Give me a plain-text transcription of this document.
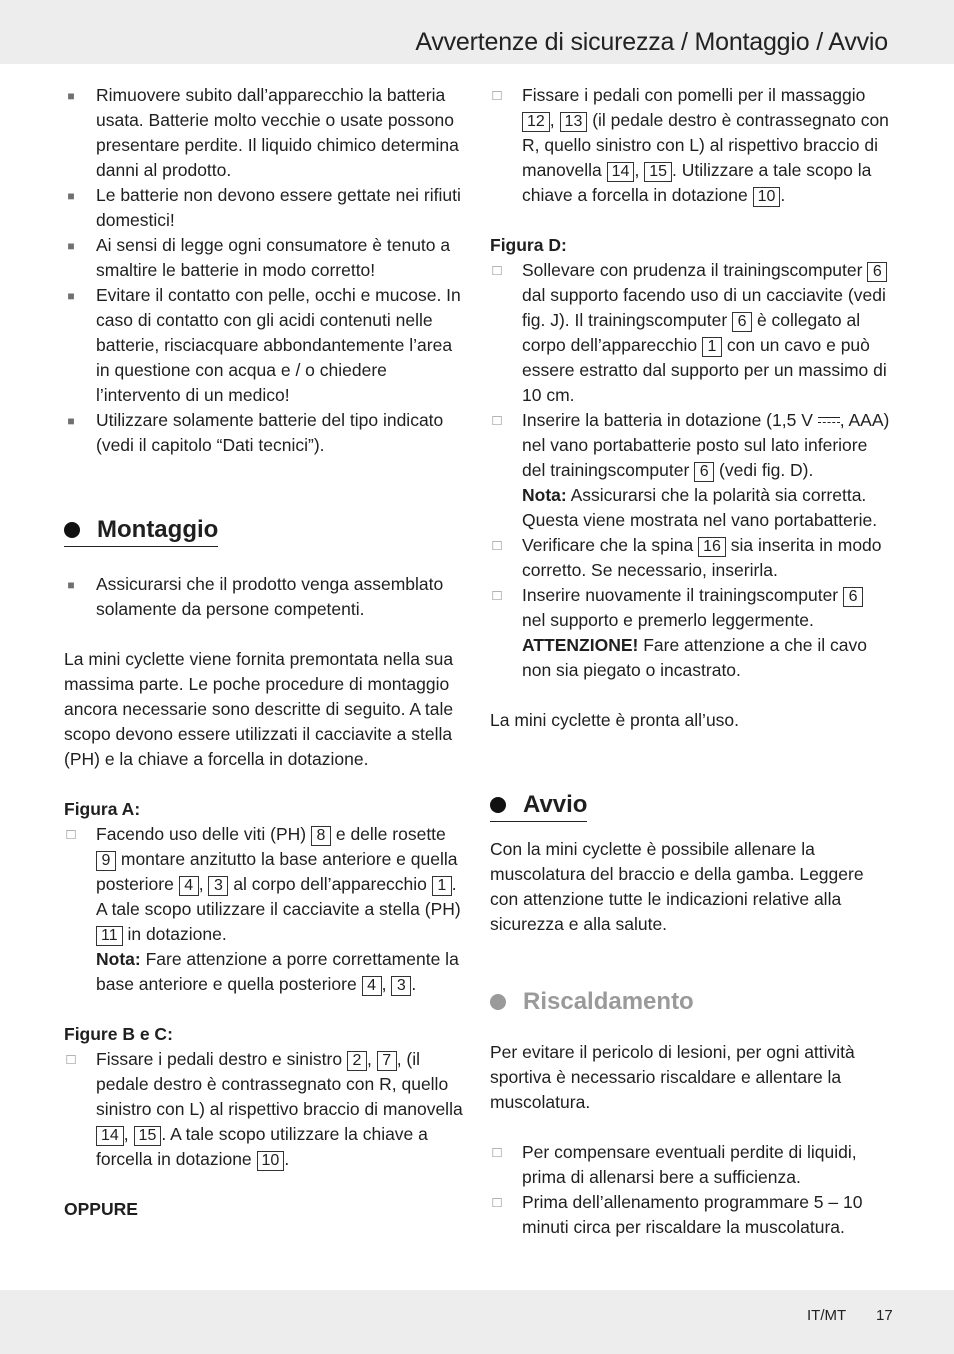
Avvertenze di sicurezza / Montaggio / Avvio
■ Rimuovere subito dall’apparecchio la batteria usata. Batterie molto vecchie o usate possono presentare perdite. Il liquido chimico determina danni al prodotto.
■ Le batterie non devono essere gettate nei rifiuti domestici!
■ Ai sensi di legge ogni consumatore è tenuto a smaltire le batterie in modo corretto!
■ Evitare il contatto con pelle, occhi e mucose. In caso di contatto con gli acidi contenuti nelle batterie, risciacquare abbondantemente l’area in questione con acqua e / o chiedere l’intervento di un medico!
■ Utilizzare solamente batterie del tipo indicato (vedi il capitolo “Dati tecnici”).
Montaggio
■ Assicurarsi che il prodotto venga assemblato solamente da persone competenti.
La mini cyclette viene fornita premontata nella sua massima parte. Le poche procedure di montaggio ancora necessarie sono descritte di seguito. A tale scopo devono essere utilizzati il cacciavite a stella (PH) e la chiave a forcella in dotazione.
Figura A:
□ Facendo uso delle viti (PH) 8 e delle rosette 9 montare anzitutto la base anteriore e quella posteriore 4 , 3 al corpo dell’apparecchio 1 . A tale scopo utilizzare il cacciavite a stella (PH) 11 in dotazione.
Nota: Fare attenzione a porre correttamente la base anteriore e quella posteriore 4 , 3 .
Figure B e C:
□ Fissare i pedali destro e sinistro 2 , 7 , (il pedale destro è contrassegnato con R, quello sinistro con L) al rispettivo braccio di manovella 14 , 15 . A tale scopo utilizzare la chiave a forcella in dotazione 10 .
OPPURE
□ Fissare i pedali con pomelli per il massaggio 12 , 13 (il pedale destro è contrassegnato con R, quello sinistro con L) al rispettivo braccio di manovella 14 , 15 . Utilizzare a tale scopo la chiave a forcella in dotazione 10 .
Figura D:
□ Sollevare con prudenza il trainingscomputer 6 dal supporto facendo uso di un cacciavite (vedi fig. J). Il trainingscomputer 6 è collegato al corpo dell’apparecchio 1 con un cavo e può essere estratto dal supporto per un massimo di 10 cm.
□ Inserire la batteria in dotazione (1,5 V , AAA) nel vano portabatterie posto sul lato inferiore del trainingscomputer 6 (vedi fig. D).
Nota: Assicurarsi che la polarità sia corretta. Questa viene mostrata nel vano portabatterie.
□ Verificare che la spina 16 sia inserita in modo corretto. Se necessario, inserirla.
□ Inserire nuovamente il trainingscomputer 6 nel supporto e premerlo leggermente.
ATTENZIONE! Fare attenzione a che il cavo non sia piegato o incastrato.
La mini cyclette è pronta all’uso.
Avvio
Con la mini cyclette è possibile allenare la muscolatura del braccio e della gamba. Leggere con attenzione tutte le indicazioni relative alla sicurezza e alla salute.
Riscaldamento
Per evitare il pericolo di lesioni, per ogni attività sportiva è necessario riscaldare e allentare la muscolatura.
□ Per compensare eventuali perdite di liquidi, prima di allenarsi bere a sufficienza.
□ Prima dell’allenamento programmare 5 – 10 minuti circa per riscaldare la muscolatura.
IT/MT 17
